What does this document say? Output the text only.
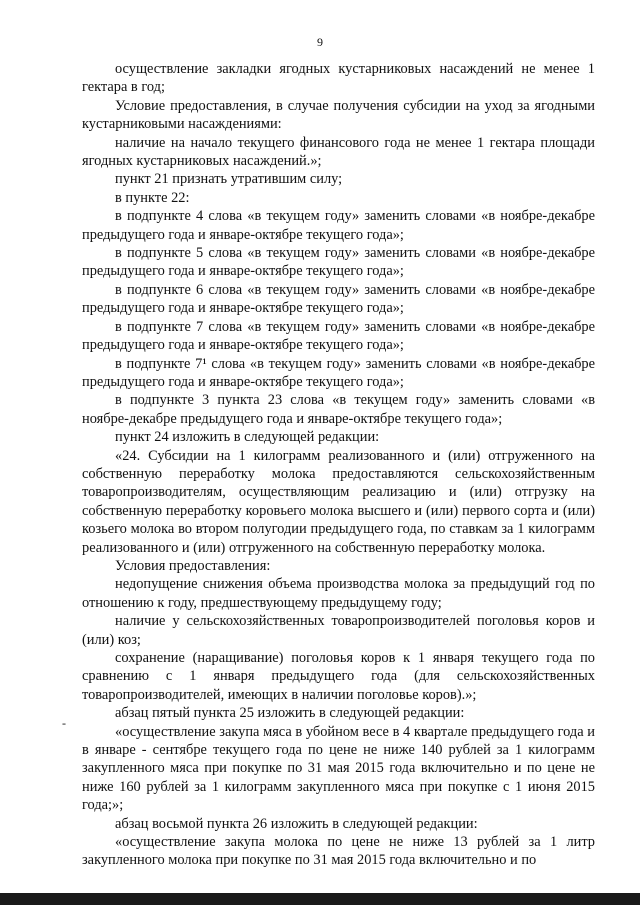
9
-

осуществление закладки ягодных кустарниковых насаждений не менее 1 гектара в год;

Условие предоставления, в случае получения субсидии на уход за ягодными кустарниковыми насаждениями:

наличие на начало текущего финансового года не менее 1 гектара площади ягодных кустарниковых насаждений.»;

пункт 21 признать утратившим силу;

в пункте 22:

в подпункте 4 слова «в текущем году» заменить словами «в ноябре-декабре предыдущего года и январе-октябре текущего года»;

в подпункте 5 слова «в текущем году» заменить словами «в ноябре-декабре предыдущего года и январе-октябре текущего года»;

в подпункте 6 слова «в текущем году» заменить словами «в ноябре-декабре предыдущего года и январе-октябре текущего года»;

в подпункте 7 слова «в текущем году» заменить словами «в ноябре-декабре предыдущего года и январе-октябре текущего года»;

в подпункте 7¹ слова «в текущем году» заменить словами «в ноябре-декабре предыдущего года и январе-октябре текущего года»;

в подпункте 3 пункта 23 слова «в текущем году» заменить словами «в ноябре-декабре предыдущего года и январе-октябре текущего года»;

пункт 24 изложить в следующей редакции:

«24. Субсидии на 1 килограмм реализованного и (или) отгруженного на собственную переработку молока предоставляются сельскохозяйственным товаропроизводителям, осуществляющим реализацию и (или) отгрузку на собственную переработку коровьего молока высшего и (или) первого сорта и (или) козьего молока во втором полугодии предыдущего года, по ставкам за 1 килограмм реализованного и (или) отгруженного на собственную переработку молока.

Условия предоставления:

недопущение снижения объема производства молока за предыдущий год по отношению к году, предшествующему предыдущему году;

наличие у сельскохозяйственных товаропроизводителей поголовья коров и (или) коз;

сохранение (наращивание) поголовья коров к 1 января текущего года по сравнению с 1 января предыдущего года (для сельскохозяйственных товаропроизводителей, имеющих в наличии поголовье коров).»;

абзац пятый пункта 25 изложить в следующей редакции:

«осуществление закупа мяса в убойном весе в 4 квартале предыдущего года и в январе - сентябре текущего года по цене не ниже 140 рублей за 1 килограмм закупленного мяса при покупке по 31 мая 2015 года включительно и по цене не ниже 160 рублей за 1 килограмм закупленного мяса при покупке с 1 июня 2015 года;»;

абзац восьмой пункта 26 изложить в следующей редакции:

«осуществление закупа молока по цене не ниже 13 рублей за 1 литр закупленного молока при покупке по 31 мая 2015 года включительно и по
